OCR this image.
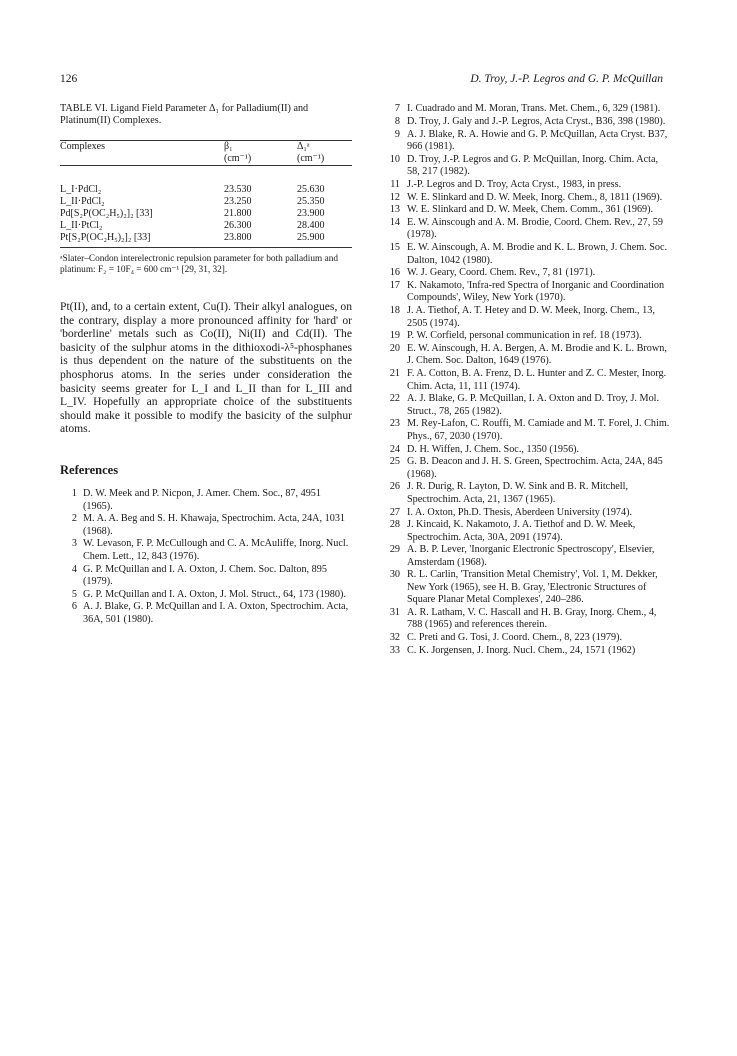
126	D. Troy, J.-P. Legros and G. P. McQuillan
TABLE VI. Ligand Field Parameter Δ₁ for Palladium(II) and Platinum(II) Complexes.
Complexes	β₁	Δ₁ᵃ
	(cm⁻¹)	(cm⁻¹)
L_I·PdCl₂	23.530	25.630
L_II·PdCl₂	23.250	25.350
Pd[S₂P(OC₂H₅)₂]₂ [33]	21.800	23.900
L_II·PtCl₂	26.300	28.400
Pt[S₂P(OC₂H₅)₂]₂ [33]	23.800	25.900
ᵃSlater–Condon interelectronic repulsion parameter for both palladium and platinum: F₂ = 10F₄ = 600 cm⁻¹ [29, 31, 32].
Pt(II), and, to a certain extent, Cu(I). Their alkyl analogues, on the contrary, display a more pronounced affinity for 'hard' or 'borderline' metals such as Co(II), Ni(II) and Cd(II). The basicity of the sulphur atoms in the dithioxodi-λ⁵-phosphanes is thus dependent on the nature of the substituents on the phosphorus atoms. In the series under consideration the basicity seems greater for L_I and L_II than for L_III and L_IV. Hopefully an appropriate choice of the substituents should make it possible to modify the basicity of the sulphur atoms.
References
1 D. W. Meek and P. Nicpon, J. Amer. Chem. Soc., 87, 4951 (1965).
2 M. A. A. Beg and S. H. Khawaja, Spectrochim. Acta, 24A, 1031 (1968).
3 W. Levason, F. P. McCullough and C. A. McAuliffe, Inorg. Nucl. Chem. Lett., 12, 843 (1976).
4 G. P. McQuillan and I. A. Oxton, J. Chem. Soc. Dalton, 895 (1979).
5 G. P. McQuillan and I. A. Oxton, J. Mol. Struct., 64, 173 (1980).
6 A. J. Blake, G. P. McQuillan and I. A. Oxton, Spectrochim. Acta, 36A, 501 (1980).
7 I. Cuadrado and M. Moran, Trans. Met. Chem., 6, 329 (1981).
8 D. Troy, J. Galy and J.-P. Legros, Acta Cryst., B36, 398 (1980).
9 A. J. Blake, R. A. Howie and G. P. McQuillan, Acta Cryst. B37, 966 (1981).
10 D. Troy, J.-P. Legros and G. P. McQuillan, Inorg. Chim. Acta, 58, 217 (1982).
11 J.-P. Legros and D. Troy, Acta Cryst., 1983, in press.
12 W. E. Slinkard and D. W. Meek, Inorg. Chem., 8, 1811 (1969).
13 W. E. Slinkard and D. W. Meek, Chem. Comm., 361 (1969).
14 E. W. Ainscough and A. M. Brodie, Coord. Chem. Rev., 27, 59 (1978).
15 E. W. Ainscough, A. M. Brodie and K. L. Brown, J. Chem. Soc. Dalton, 1042 (1980).
16 W. J. Geary, Coord. Chem. Rev., 7, 81 (1971).
17 K. Nakamoto, 'Infra-red Spectra of Inorganic and Coordination Compounds', Wiley, New York (1970).
18 J. A. Tiethof, A. T. Hetey and D. W. Meek, Inorg. Chem., 13, 2505 (1974).
19 P. W. Corfield, personal communication in ref. 18 (1973).
20 E. W. Ainscough, H. A. Bergen, A. M. Brodie and K. L. Brown, J. Chem. Soc. Dalton, 1649 (1976).
21 F. A. Cotton, B. A. Frenz, D. L. Hunter and Z. C. Mester, Inorg. Chim. Acta, 11, 111 (1974).
22 A. J. Blake, G. P. McQuillan, I. A. Oxton and D. Troy, J. Mol. Struct., 78, 265 (1982).
23 M. Rey-Lafon, C. Rouffi, M. Camiade and M. T. Forel, J. Chim. Phys., 67, 2030 (1970).
24 D. H. Wiffen, J. Chem. Soc., 1350 (1956).
25 G. B. Deacon and J. H. S. Green, Spectrochim. Acta, 24A, 845 (1968).
26 J. R. Durig, R. Layton, D. W. Sink and B. R. Mitchell, Spectrochim. Acta, 21, 1367 (1965).
27 I. A. Oxton, Ph.D. Thesis, Aberdeen University (1974).
28 J. Kincaid, K. Nakamoto, J. A. Tiethof and D. W. Meek, Spectrochim. Acta, 30A, 2091 (1974).
29 A. B. P. Lever, 'Inorganic Electronic Spectroscopy', Elsevier, Amsterdam (1968).
30 R. L. Carlin, 'Transition Metal Chemistry', Vol. 1, M. Dekker, New York (1965), see H. B. Gray, 'Electronic Structures of Square Planar Metal Complexes', 240–286.
31 A. R. Latham, V. C. Hascall and H. B. Gray, Inorg. Chem., 4, 788 (1965) and references therein.
32 C. Preti and G. Tosi, J. Coord. Chem., 8, 223 (1979).
33 C. K. Jorgensen, J. Inorg. Nucl. Chem., 24, 1571 (1962)
